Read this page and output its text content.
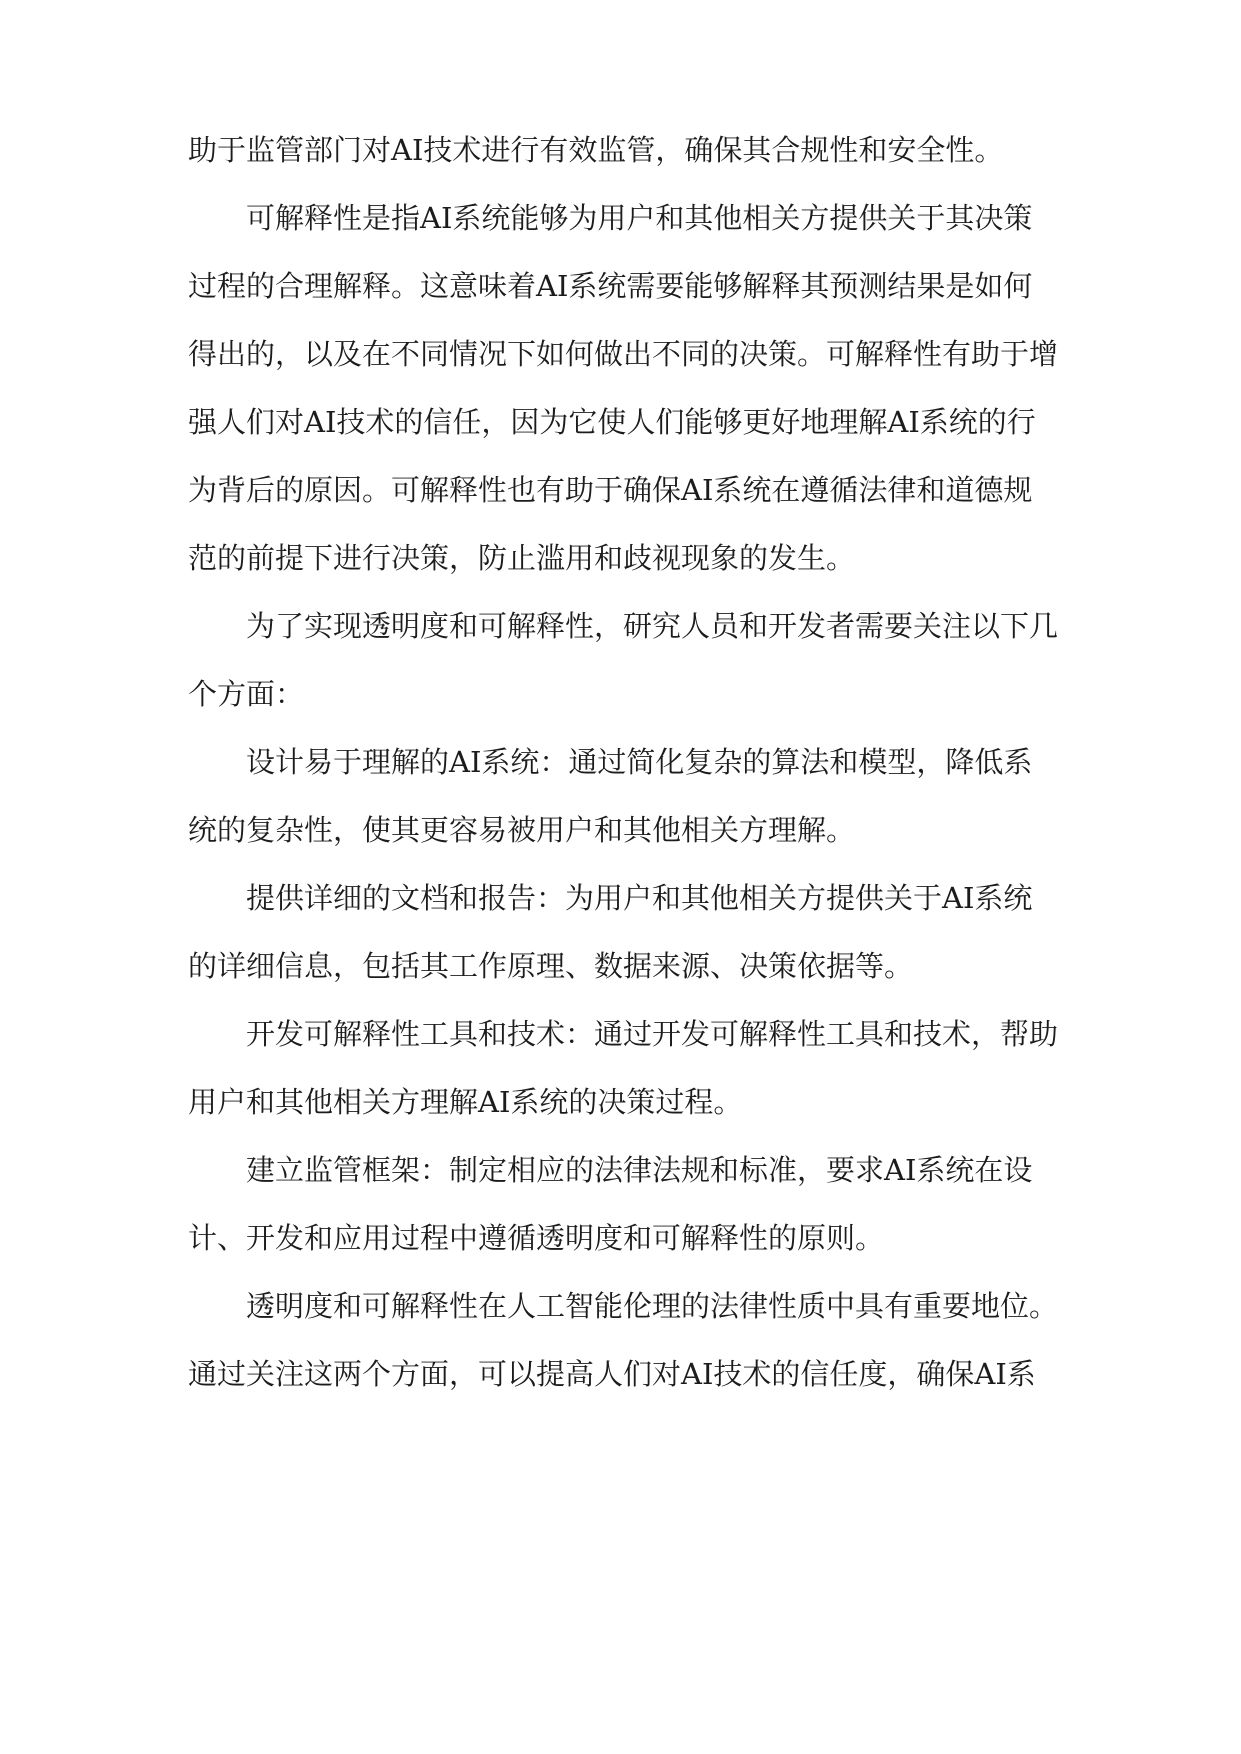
助于监管部门对AI技术进行有效监管，确保其合规性和安全性。
可解释性是指AI系统能够为用户和其他相关方提供关于其决策
过程的合理解释。这意味着AI系统需要能够解释其预测结果是如何
得出的，以及在不同情况下如何做出不同的决策。可解释性有助于增
强人们对AI技术的信任，因为它使人们能够更好地理解AI系统的行
为背后的原因。可解释性也有助于确保AI系统在遵循法律和道德规
范的前提下进行决策，防止滥用和歧视现象的发生。
为了实现透明度和可解释性，研究人员和开发者需要关注以下几
个方面：
设计易于理解的AI系统：通过简化复杂的算法和模型，降低系
统的复杂性，使其更容易被用户和其他相关方理解。
提供详细的文档和报告：为用户和其他相关方提供关于AI系统
的详细信息，包括其工作原理、数据来源、决策依据等。
开发可解释性工具和技术：通过开发可解释性工具和技术，帮助
用户和其他相关方理解AI系统的决策过程。
建立监管框架：制定相应的法律法规和标准，要求AI系统在设
计、开发和应用过程中遵循透明度和可解释性的原则。
透明度和可解释性在人工智能伦理的法律性质中具有重要地位。
通过关注这两个方面，可以提高人们对AI技术的信任度，确保AI系
